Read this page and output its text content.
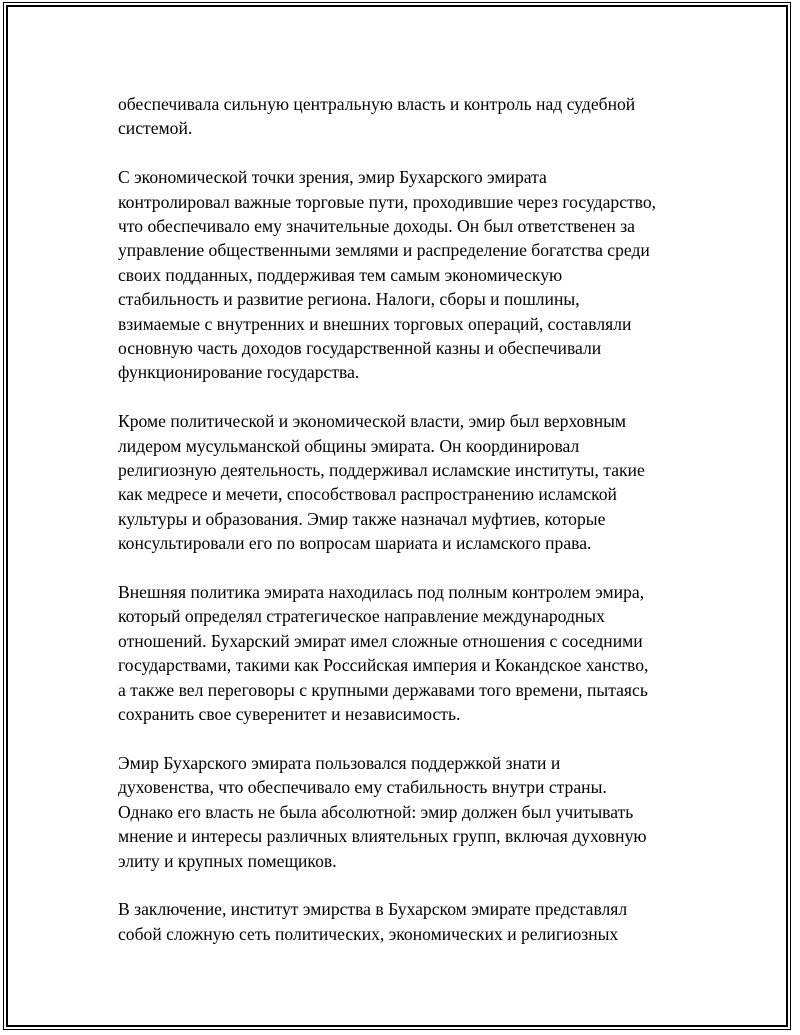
обеспечивала сильную центральную власть и контроль над судебной
системой.

С экономической точки зрения, эмир Бухарского эмирата
контролировал важные торговые пути, проходившие через государство,
что обеспечивало ему значительные доходы. Он был ответственен за
управление общественными землями и распределение богатства среди
своих подданных, поддерживая тем самым экономическую
стабильность и развитие региона. Налоги, сборы и пошлины,
взимаемые с внутренних и внешних торговых операций, составляли
основную часть доходов государственной казны и обеспечивали
функционирование государства.

Кроме политической и экономической власти, эмир был верховным
лидером мусульманской общины эмирата. Он координировал
религиозную деятельность, поддерживал исламские институты, такие
как медресе и мечети, способствовал распространению исламской
культуры и образования. Эмир также назначал муфтиев, которые
консультировали его по вопросам шариата и исламского права.

Внешняя политика эмирата находилась под полным контролем эмира,
который определял стратегическое направление международных
отношений. Бухарский эмират имел сложные отношения с соседними
государствами, такими как Российская империя и Кокандское ханство,
а также вел переговоры с крупными державами того времени, пытаясь
сохранить свое суверенитет и независимость.

Эмир Бухарского эмирата пользовался поддержкой знати и
духовенства, что обеспечивало ему стабильность внутри страны.
Однако его власть не была абсолютной: эмир должен был учитывать
мнение и интересы различных влиятельных групп, включая духовную
элиту и крупных помещиков.

В заключение, институт эмирства в Бухарском эмирате представлял
собой сложную сеть политических, экономических и религиозных
